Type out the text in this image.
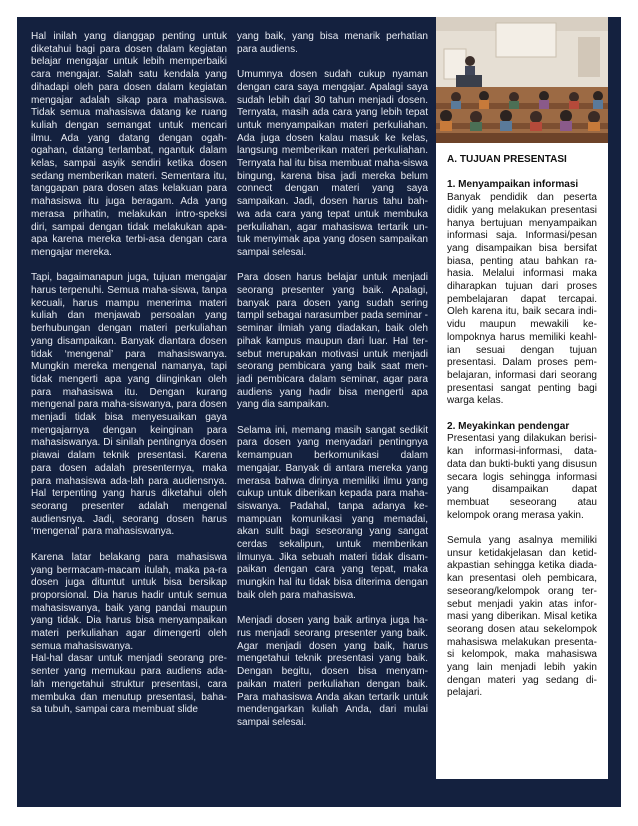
Hal inilah yang dianggap penting untuk diketahui bagi para dosen dalam kegiatan belajar mengajar untuk lebih memperbaiki cara mengajar. Salah satu kendala yang dihadapi oleh para dosen dalam kegiatan mengajar adalah sikap para mahasiswa. Tidak semua mahasiswa datang ke ruang kuliah dengan semangat untuk mencari ilmu. Ada yang datang dengan ogah-ogahan, datang terlambat, ngantuk dalam kelas, sampai asyik sendiri ketika dosen sedang memberikan materi. Sementara itu, tanggapan para dosen atas kelakuan para mahasiswa itu juga beragam. Ada yang merasa prihatin, melakukan intro-speksi diri, sampai dengan tidak melakukan apa-apa karena mereka terbi-asa dengan cara mengajar mereka.

Tapi, bagaimanapun juga, tujuan mengajar harus terpenuhi. Semua maha-siswa, tanpa kecuali, harus mampu menerima materi kuliah dan menjawab persoalan yang berhubungan dengan materi perkuliahan yang disampaikan. Banyak diantara dosen tidak ‘mengenal’ para mahasiswanya. Mungkin mereka mengenal namanya, tapi tidak mengerti apa yang diinginkan oleh para mahasiswa itu. Dengan kurang mengenal para maha-siswanya, para dosen menjadi tidak bisa menyesuaikan gaya mengajarnya dengan keinginan para mahasiswanya. Di sinilah pentingnya dosen piawai dalam teknik presentasi. Karena para dosen adalah presenternya, maka para mahasiswa ada-lah para audiensnya. Hal terpenting yang harus diketahui oleh seorang presenter adalah mengenal audiensnya. Jadi, seorang dosen harus ‘mengenal’ para mahasiswanya.

Karena latar belakang para mahasiswa yang bermacam-macam itulah, maka pa-ra dosen juga dituntut untuk bisa bersikap proporsional. Dia harus hadir untuk semua mahasiswanya, baik yang pandai maupun yang tidak. Dia harus bisa menyampaikan materi perkuliahan agar dimengerti oleh semua mahasiswanya.

Hal-hal dasar untuk menjadi seorang pre-senter yang memukau para audiens ada-lah mengetahui struktur presentasi, cara membuka dan menutup presentasi, baha-sa tubuh, sampai cara membuat slide

yang baik, yang bisa menarik perhatian para audiens.

Umumnya dosen sudah cukup nyaman dengan cara saya mengajar. Apalagi saya sudah lebih dari 30 tahun menjadi dosen. Ternyata, masih ada cara yang lebih tepat untuk menyampaikan materi perkuliahan. Ada juga dosen kalau masuk ke kelas, langsung memberikan materi perkuliahan. Ternyata hal itu bisa membuat maha-siswa bingung, karena bisa jadi mereka belum connect dengan materi yang saya sampaikan. Jadi, dosen harus tahu bah-wa ada cara yang tepat untuk membuka perkuliahan, agar mahasiswa tertarik un-tuk menyimak apa yang dosen sampaikan sampai selesai.

Para dosen harus belajar untuk menjadi seorang presenter yang baik. Apalagi, banyak para dosen yang sudah sering tampil sebagai narasumber pada seminar -seminar ilmiah yang diadakan, baik oleh pihak kampus maupun dari luar. Hal ter-sebut merupakan motivasi untuk menjadi seorang pembicara yang baik saat men-jadi pembicara dalam seminar, agar para audiens yang hadir bisa mengerti apa yang dia sampaikan.

Selama ini, memang masih sangat sedikit para dosen yang menyadari pentingnya kemampuan berkomunikasi dalam mengajar. Banyak di antara mereka yang merasa bahwa dirinya memiliki ilmu yang cukup untuk diberikan kepada para maha-siswanya. Padahal, tanpa adanya ke-mampuan komunikasi yang memadai, akan sulit bagi seseorang yang sangat cerdas sekalipun, untuk memberikan ilmunya. Jika sebuah materi tidak disam-paikan dengan cara yang tepat, maka mungkin hal itu tidak bisa diterima dengan baik oleh para mahasiswa.

Menjadi dosen yang baik artinya juga ha-rus menjadi seorang presenter yang baik. Agar menjadi dosen yang baik, harus mengetahui teknik presentasi yang baik. Dengan begitu, dosen bisa menyam-paikan materi perkuliahan dengan baik. Para mahasiswa Anda akan tertarik untuk mendengarkan kuliah Anda, dari mulai sampai selesai.

A. TUJUAN PRESENTASI

1. Menyampaikan informasi

Banyak pendidik dan peserta didik yang melakukan presentasi hanya bertujuan menyampaikan informasi saja. Informasi/pesan yang disampaikan bisa bersifat biasa, penting atau bahkan ra-hasia. Melalui informasi maka diharapkan tujuan dari proses pembelajaran dapat tercapai. Oleh karena itu, baik secara indi-vidu maupun mewakili ke-lompoknya harus memiliki keahl-ian sesuai dengan tujuan presentasi. Dalam proses pem-belajaran, informasi dari seorang presentasi sangat penting bagi warga kelas.

2. Meyakinkan pendengar

Presentasi yang dilakukan berisi-kan informasi-informasi, data-data dan bukti-bukti yang disusun secara logis sehingga informasi yang disampaikan dapat membuat seseorang atau kelompok orang merasa yakin.

Semula yang asalnya memiliki unsur ketidakjelasan dan ketid-akpastian sehingga ketika diada-kan presentasi oleh pembicara, seseorang/kelompok orang ter-sebut menjadi yakin atas infor-masi yang diberikan. Misal ketika seorang dosen atau sekelompok mahasiswa melakukan presenta-si kelompok, maka mahasiswa yang lain menjadi lebih yakin dengan materi yag sedang di-pelajari.
